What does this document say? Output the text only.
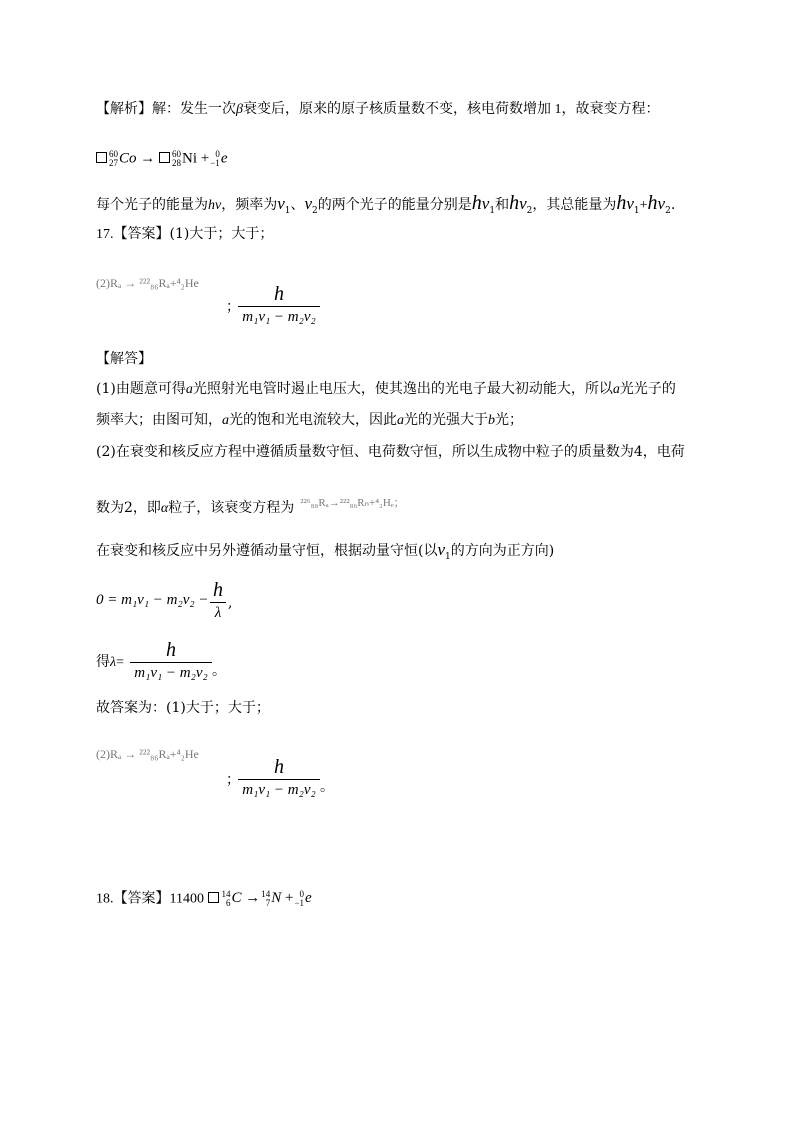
【解析】解：发生一次β衰变后，原来的原子核质量数不变，核电荷数增加 1，故衰变方程：
60
27 Co → 60
28 Ni + 0
−1 e
每个光子的能量为hν，频率为$\nu_1$、$\nu_2$的两个光子的能量分别是$h\nu_1$和$h\nu_2$，其总能量为$h\nu_1+h\nu_2$.
17.【答案】(1)大于；大于；
(2)Rₐ → ²²²₈₆Rₐ+⁴₂He
；
h
m₁v₁ − m₂v₂
【解答】
(1)由题意可得a光照射光电管时遏止电压大，使其逸出的光电子最大初动能大，所以a光光子的
频率大；由图可知，a光的饱和光电流较大，因此a光的光强大于b光；
(2)在衰变和核反应方程中遵循质量数守恒、电荷数守恒，所以生成物中粒子的质量数为4，电荷
数为2，即α粒子，该衰变方程为 $^{^{226}_{88}R_a\to^{222}_{86}R_n+^4_2H_e;}$
在衰变和核反应中另外遵循动量守恒，根据动量守恒(以$\nu_1$的方向为正方向)
0 = m₁v₁ − m₂v₂ − h
λ
,
得λ=
h
m₁v₁ − m₂v₂ 。
故答案为：(1)大于；大于；
(2)Rₐ → ²²²₈₆Rₐ+⁴₂He
；
h
m₁v₁ − m₂v₂ 。
18.【答案】11400 14
6 C → 14
7 N + 0
−1 e
